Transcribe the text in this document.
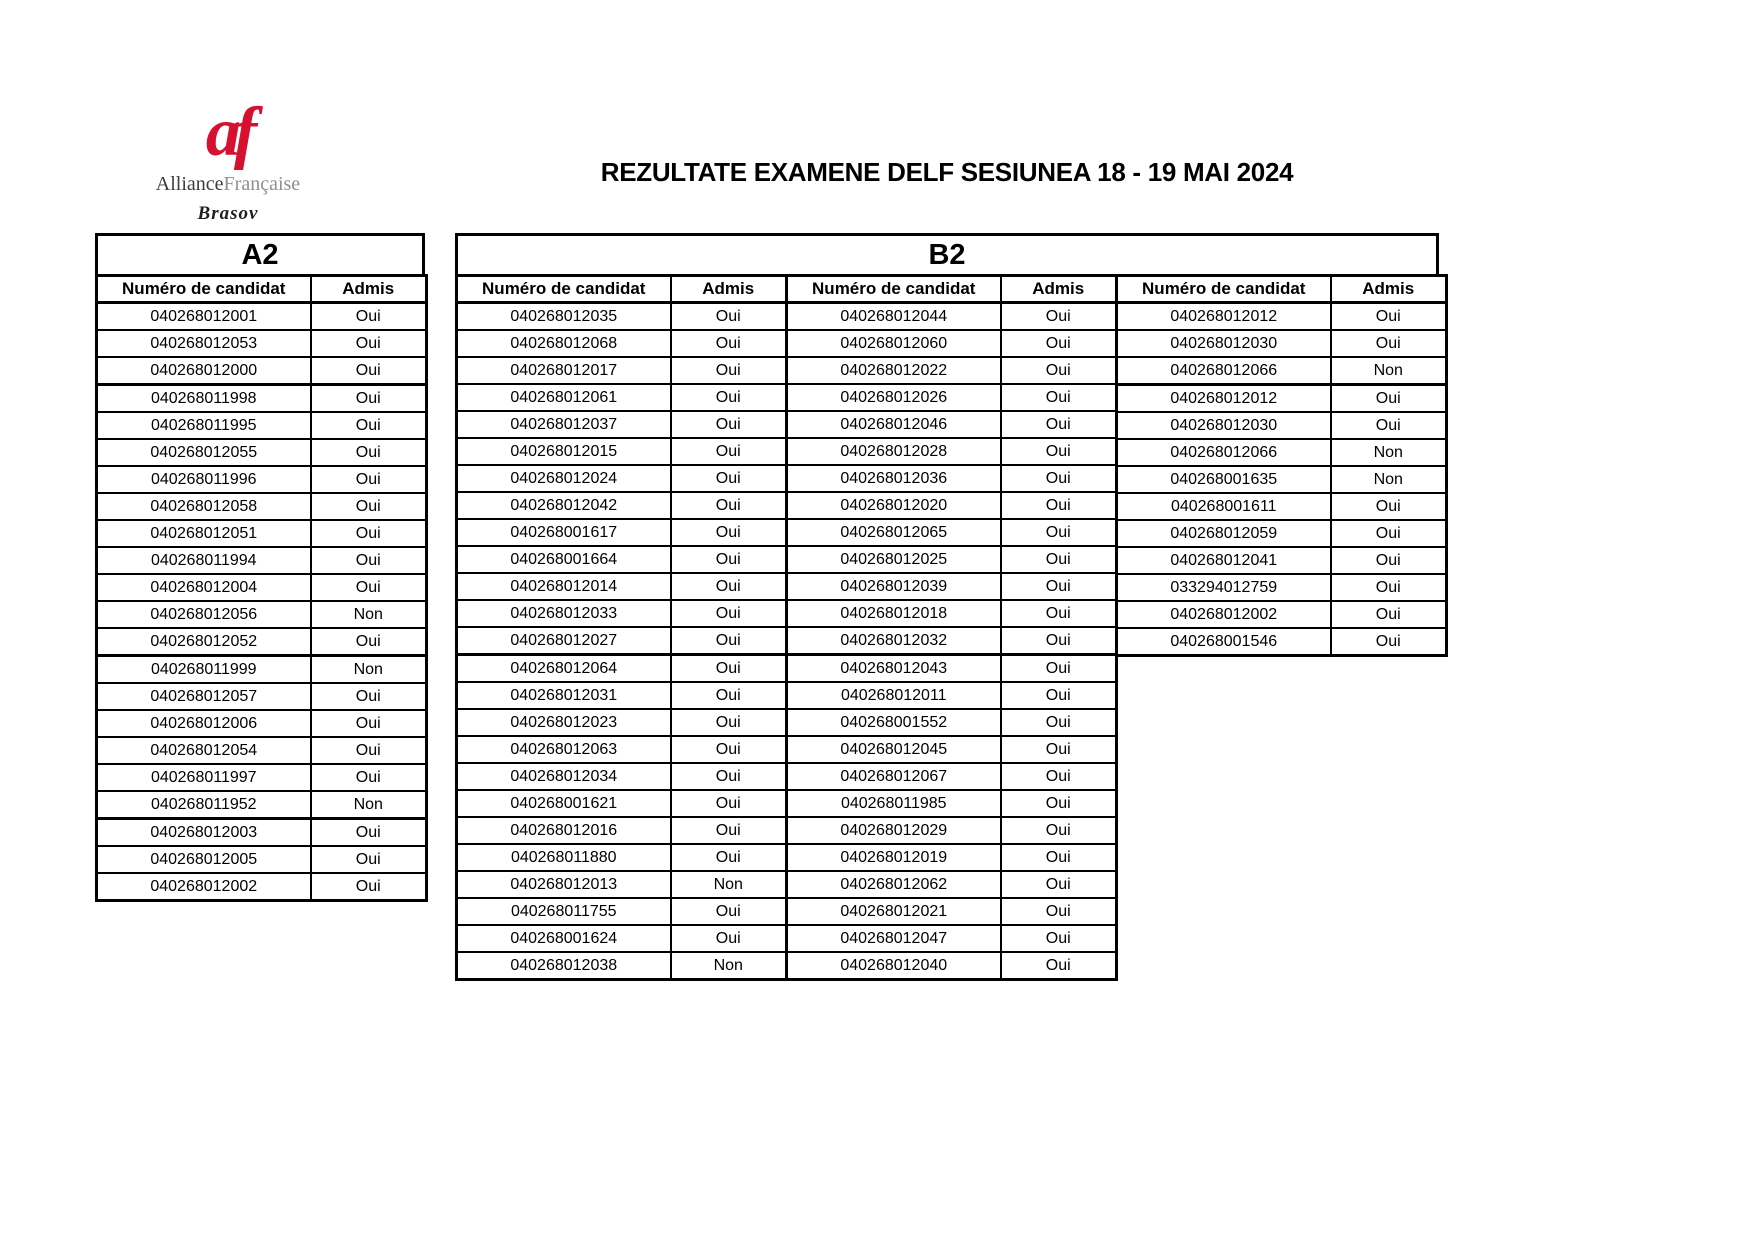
af
AllianceFrançaise
Brasov
REZULTATE EXAMENE DELF SESIUNEA 18 - 19 MAI 2024
A2
Numéro de candidat	Admis
040268012001	Oui
040268012053	Oui
040268012000	Oui
040268011998	Oui
040268011995	Oui
040268012055	Oui
040268011996	Oui
040268012058	Oui
040268012051	Oui
040268011994	Oui
040268012004	Oui
040268012056	Non
040268012052	Oui
040268011999	Non
040268012057	Oui
040268012006	Oui
040268012054	Oui
040268011997	Oui
040268011952	Non
040268012003	Oui
040268012005	Oui
040268012002	Oui
B2
Numéro de candidat	Admis
040268012035	Oui
040268012068	Oui
040268012017	Oui
040268012061	Oui
040268012037	Oui
040268012015	Oui
040268012024	Oui
040268012042	Oui
040268001617	Oui
040268001664	Oui
040268012014	Oui
040268012033	Oui
040268012027	Oui
040268012064	Oui
040268012031	Oui
040268012023	Oui
040268012063	Oui
040268012034	Oui
040268001621	Oui
040268012016	Oui
040268011880	Oui
040268012013	Non
040268011755	Oui
040268001624	Oui
040268012038	Non
Numéro de candidat	Admis
040268012044	Oui
040268012060	Oui
040268012022	Oui
040268012026	Oui
040268012046	Oui
040268012028	Oui
040268012036	Oui
040268012020	Oui
040268012065	Oui
040268012025	Oui
040268012039	Oui
040268012018	Oui
040268012032	Oui
040268012043	Oui
040268012011	Oui
040268001552	Oui
040268012045	Oui
040268012067	Oui
040268011985	Oui
040268012029	Oui
040268012019	Oui
040268012062	Oui
040268012021	Oui
040268012047	Oui
040268012040	Oui
Numéro de candidat	Admis
040268012012	Oui
040268012030	Oui
040268012066	Non
040268012012	Oui
040268012030	Oui
040268012066	Non
040268001635	Non
040268001611	Oui
040268012059	Oui
040268012041	Oui
033294012759	Oui
040268012002	Oui
040268001546	Oui
